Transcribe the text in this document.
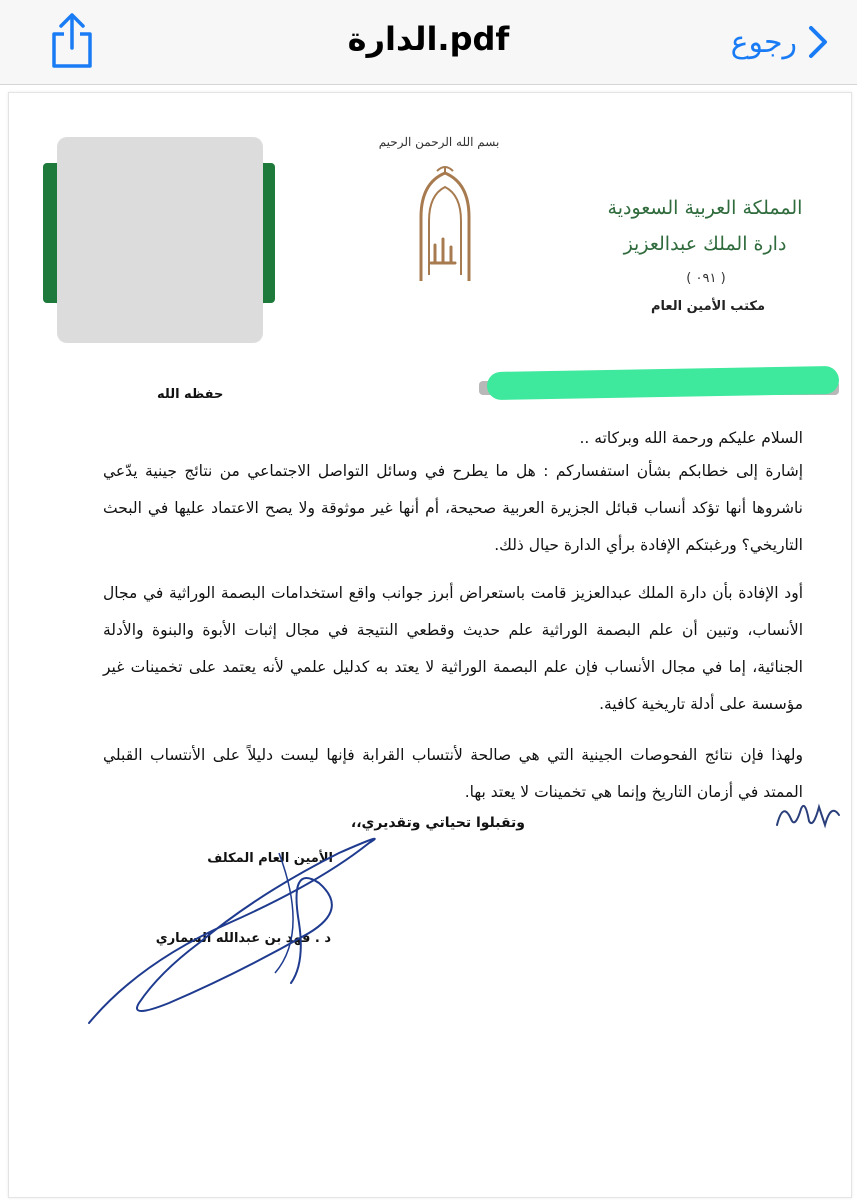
الدارة.pdf	رجوع
بسم الله الرحمن الرحيم
المملكة العربية السعودية
دارة الملك عبدالعزيز
( ٠٩١ )
مكتب الأمين العام
حفظه الله
السلام عليكم ورحمة الله وبركاته ..
إشارة إلى خطابكم بشأن استفساركم : هل ما يطرح في وسائل التواصل الاجتماعي من نتائج جينية يدّعي ناشروها أنها تؤكد أنساب قبائل الجزيرة العربية صحيحة، أم أنها غير موثوقة ولا يصح الاعتماد عليها في البحث التاريخي؟ ورغبتكم الإفادة برأي الدارة حيال ذلك.
أود الإفادة بأن دارة الملك عبدالعزيز قامت باستعراض أبرز جوانب واقع استخدامات البصمة الوراثية في مجال الأنساب، وتبين أن علم البصمة الوراثية علم حديث وقطعي النتيجة في مجال إثبات الأبوة والبنوة والأدلة الجنائية، إما في مجال الأنساب فإن علم البصمة الوراثية لا يعتد به كدليل علمي لأنه يعتمد على تخمينات غير مؤسسة على أدلة تاريخية كافية.
ولهذا فإن نتائج الفحوصات الجينية التي هي صالحة لأنتساب القرابة فإنها ليست دليلاً على الأنتساب القبلي الممتد في أزمان التاريخ وإنما هي تخمينات لا يعتد بها.
وتقبلوا تحياتي وتقديري،،
الأمين العام المكلف
د . فهد بن عبدالله السماري
